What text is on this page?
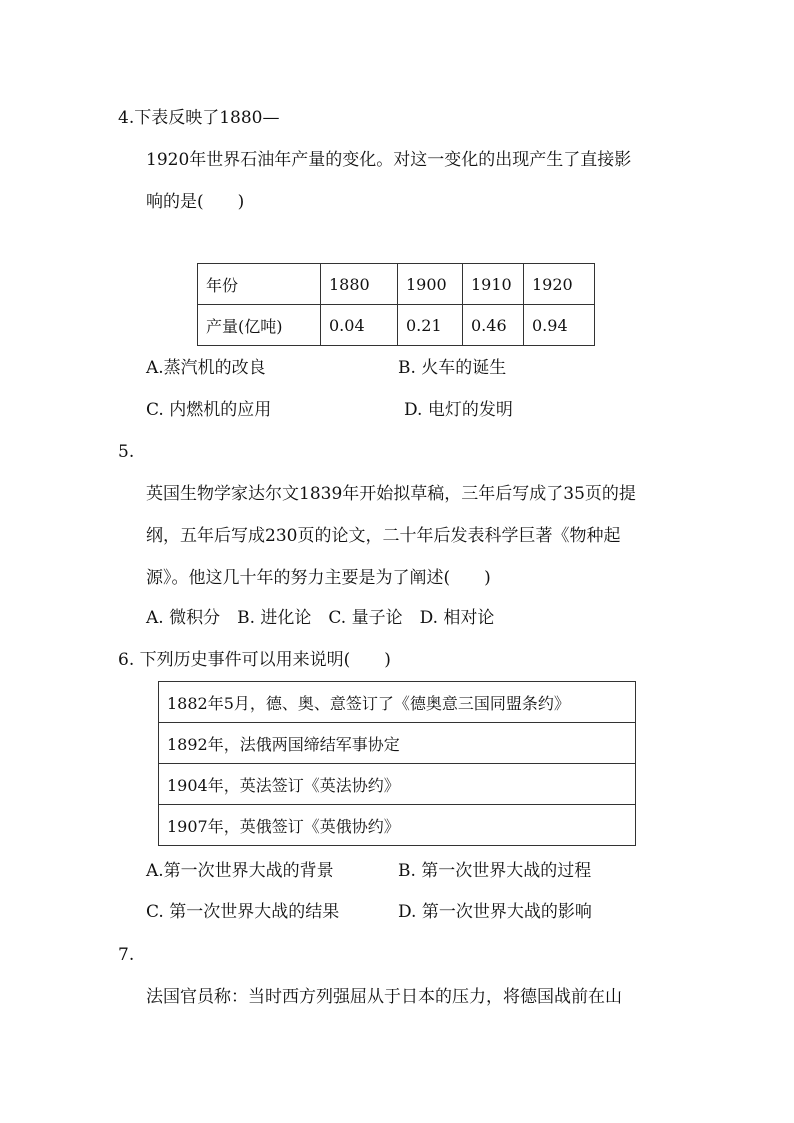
4.下表反映了1880—
1920年世界石油年产量的变化。对这一变化的出现产生了直接影
响的是(　　)
年份	1880	1900	1910	1920
产量(亿吨)	0.04	0.21	0.46	0.94
A.蒸汽机的改良	B. 火车的诞生
C. 内燃机的应用	D. 电灯的发明
5.
英国生物学家达尔文1839年开始拟草稿，三年后写成了35页的提
纲，五年后写成230页的论文，二十年后发表科学巨著《物种起
源》。他这几十年的努力主要是为了阐述(　　)
A. 微积分　B. 进化论　C. 量子论　D. 相对论
6. 下列历史事件可以用来说明(　　)
1882年5月，德、奥、意签订了《德奥意三国同盟条约》
1892年，法俄两国缔结军事协定
1904年，英法签订《英法协约》
1907年，英俄签订《英俄协约》
A.第一次世界大战的背景	B. 第一次世界大战的过程
C. 第一次世界大战的结果	D. 第一次世界大战的影响
7.
法国官员称：当时西方列强屈从于日本的压力，将德国战前在山
